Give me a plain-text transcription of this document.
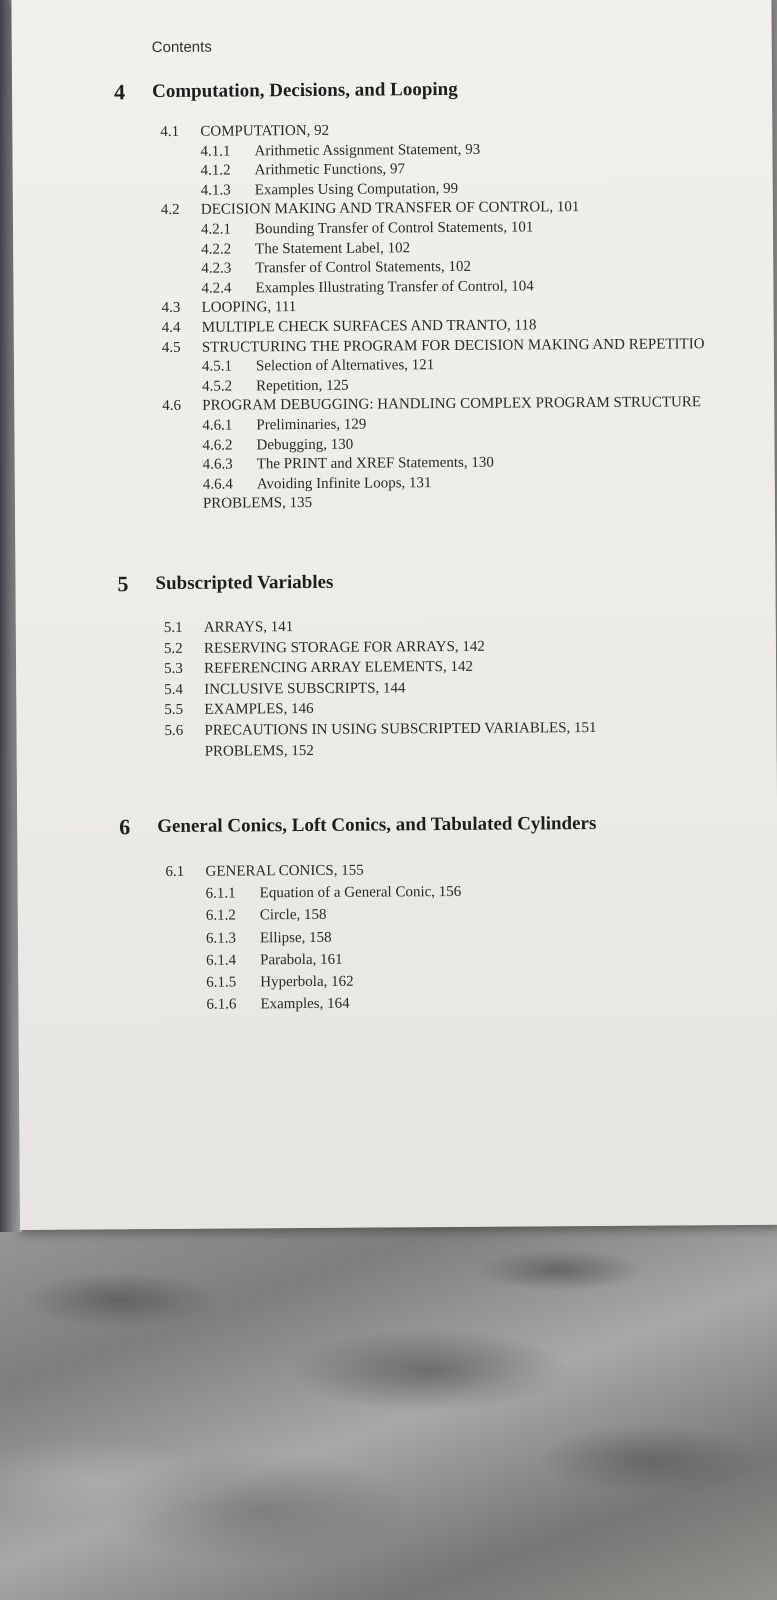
Contents
4 Computation, Decisions, and Looping
4.1 COMPUTATION, 92
4.1.1 Arithmetic Assignment Statement, 93
4.1.2 Arithmetic Functions, 97
4.1.3 Examples Using Computation, 99
4.2 DECISION MAKING AND TRANSFER OF CONTROL, 101
4.2.1 Bounding Transfer of Control Statements, 101
4.2.2 The Statement Label, 102
4.2.3 Transfer of Control Statements, 102
4.2.4 Examples Illustrating Transfer of Control, 104
4.3 LOOPING, 111
4.4 MULTIPLE CHECK SURFACES AND TRANTO, 118
4.5 STRUCTURING THE PROGRAM FOR DECISION MAKING AND REPETITIO
4.5.1 Selection of Alternatives, 121
4.5.2 Repetition, 125
4.6 PROGRAM DEBUGGING: HANDLING COMPLEX PROGRAM STRUCTURE
4.6.1 Preliminaries, 129
4.6.2 Debugging, 130
4.6.3 The PRINT and XREF Statements, 130
4.6.4 Avoiding Infinite Loops, 131
PROBLEMS, 135
5 Subscripted Variables
5.1 ARRAYS, 141
5.2 RESERVING STORAGE FOR ARRAYS, 142
5.3 REFERENCING ARRAY ELEMENTS, 142
5.4 INCLUSIVE SUBSCRIPTS, 144
5.5 EXAMPLES, 146
5.6 PRECAUTIONS IN USING SUBSCRIPTED VARIABLES, 151
PROBLEMS, 152
6 General Conics, Loft Conics, and Tabulated Cylinders
6.1 GENERAL CONICS, 155
6.1.1 Equation of a General Conic, 156
6.1.2 Circle, 158
6.1.3 Ellipse, 158
6.1.4 Parabola, 161
6.1.5 Hyperbola, 162
6.1.6 Examples, 164
